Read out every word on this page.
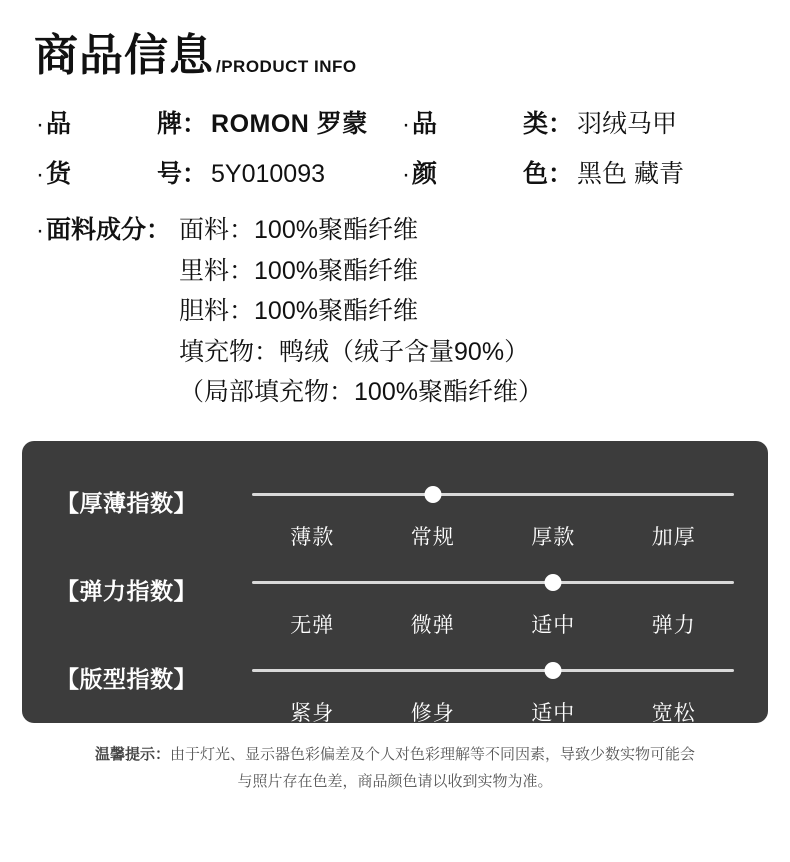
商品信息 /PRODUCT INFO
· 品牌 ： ROMON 罗蒙 · 品类 ： 羽绒马甲
· 货号 ： 5Y010093	· 颜色 ： 黑色 藏青
· 面料成分 ： 面料：100%聚酯纤维
里料：100%聚酯纤维
胆料：100%聚酯纤维
填充物：鸭绒（绒子含量90%）
（局部填充物：100%聚酯纤维）
【厚薄指数】
薄款	常规	厚款	加厚
【弹力指数】
无弹	微弹	适中	弹力
【版型指数】
紧身	修身	适中	宽松
温馨提示：由于灯光、显示器色彩偏差及个人对色彩理解等不同因素，导致少数实物可能会
与照片存在色差，商品颜色请以收到实物为准。
